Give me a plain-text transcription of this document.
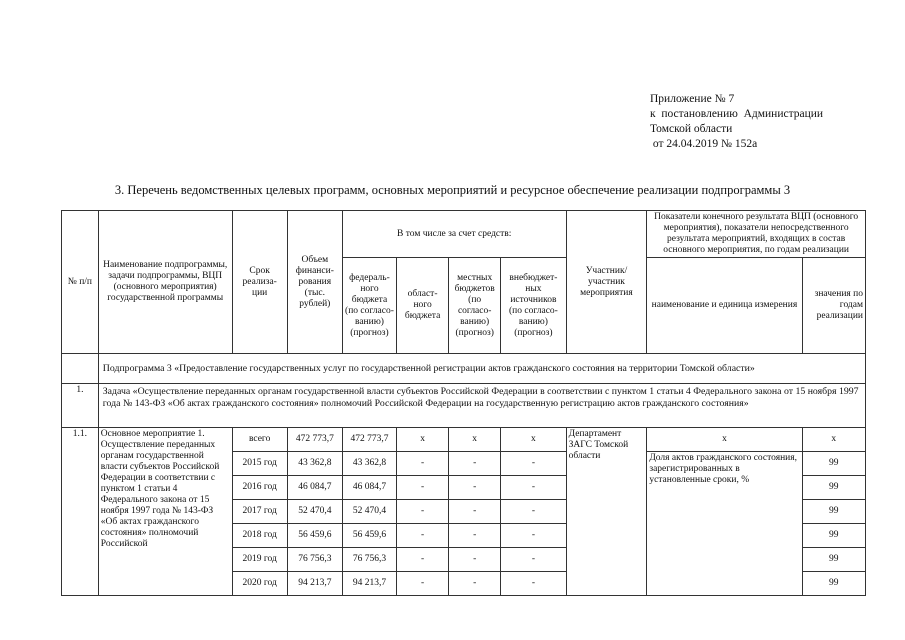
Приложение № 7
к  постановлению  Администрации
Томской области
от 24.04.2019 № 152а
3. Перечень ведомственных целевых программ, основных мероприятий и ресурсное обеспечение реализации подпрограммы 3
№ п/п	Наименование подпрограммы, задачи подпрограммы, ВЦП (основного мероприятия) государственной программы	Срок реализа- ции	Объем финанси- рования (тыс. рублей)	В том числе за счет средств:				Участник/ участник мероприятия	Показатели конечного результата ВЦП (основного мероприятия), показатели непосредственного результата мероприятий, входящих в состав основного мероприятия, по годам реализации	
				федераль- ного бюджета (по согласо- ванию) (прогноз)	област- ного бюджета	местных бюджетов (по согласо- ванию) (прогноз)	внебюджет- ных источников (по согласо- ванию) (прогноз)		наименование и единица измерения	значения по годам реализации
	Подпрограмма 3 «Предоставление государственных услуг по государственной регистрации актов гражданского состояния на территории Томской области»									
1.	Задача «Осуществление переданных органам государственной власти субъектов Российской Федерации в соответствии с пунктом 1 статьи 4 Федерального закона от 15 ноября 1997 года № 143-ФЗ «Об актах гражданского состояния» полномочий Российской Федерации на государственную регистрацию актов гражданского состояния»									
1.1.	Основное мероприятие 1. Осуществление переданных органам государственной власти субъектов Российской Федерации в соответствии с пунктом 1 статьи 4 Федерального закона от 15 ноября 1997 года № 143-ФЗ «Об актах гражданского состояния» полномочий Российской	всего	472 773,7	472 773,7	x	x	x	Департамент ЗАГС Томской области	x	x
		2015 год	43 362,8	43 362,8	-	-	-		Доля актов гражданского состояния, зарегистрированных в установленные сроки, %	99
		2016 год	46 084,7	46 084,7	-	-	-			99
		2017 год	52 470,4	52 470,4	-	-	-			99
		2018 год	56 459,6	56 459,6	-	-	-			99
		2019 год	76 756,3	76 756,3	-	-	-			99
		2020 год	94 213,7	94 213,7	-	-	-			99
